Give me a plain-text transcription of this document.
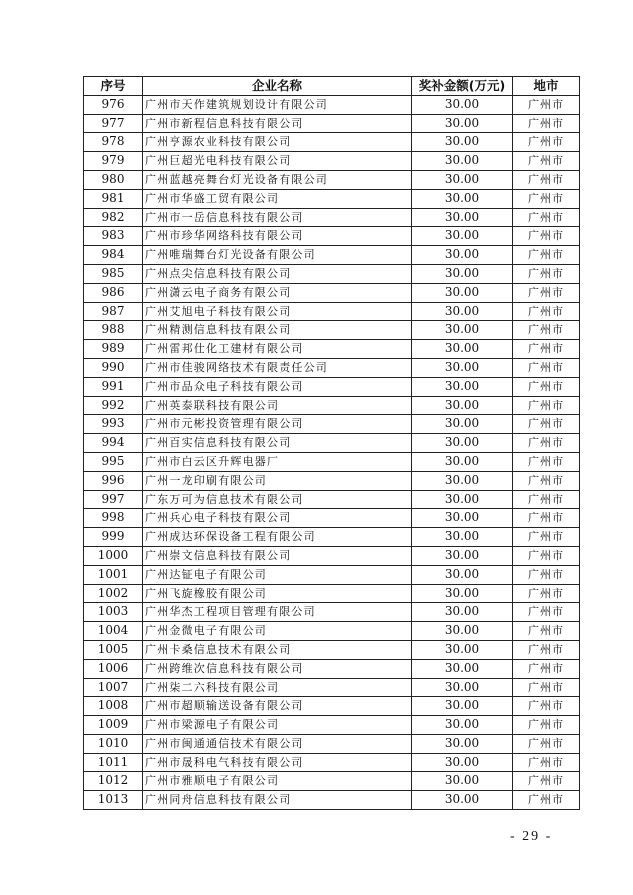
序号	企业名称	奖补金额(万元)	地市
976	广州市天作建筑规划设计有限公司	30.00	广州市
977	广州市新程信息科技有限公司	30.00	广州市
978	广州亨源农业科技有限公司	30.00	广州市
979	广州巨超光电科技有限公司	30.00	广州市
980	广州蓝越亮舞台灯光设备有限公司	30.00	广州市
981	广州市华盛工贸有限公司	30.00	广州市
982	广州市一岳信息科技有限公司	30.00	广州市
983	广州市珍华网络科技有限公司	30.00	广州市
984	广州唯瑞舞台灯光设备有限公司	30.00	广州市
985	广州点尖信息科技有限公司	30.00	广州市
986	广州潇云电子商务有限公司	30.00	广州市
987	广州艾旭电子科技有限公司	30.00	广州市
988	广州精测信息科技有限公司	30.00	广州市
989	广州雷邦仕化工建材有限公司	30.00	广州市
990	广州市佳骏网络技术有限责任公司	30.00	广州市
991	广州市品众电子科技有限公司	30.00	广州市
992	广州英泰联科技有限公司	30.00	广州市
993	广州市元彬投资管理有限公司	30.00	广州市
994	广州百实信息科技有限公司	30.00	广州市
995	广州市白云区升辉电器厂	30.00	广州市
996	广州一龙印刷有限公司	30.00	广州市
997	广东万可为信息技术有限公司	30.00	广州市
998	广州兵心电子科技有限公司	30.00	广州市
999	广州成达环保设备工程有限公司	30.00	广州市
1000	广州崇文信息科技有限公司	30.00	广州市
1001	广州达钲电子有限公司	30.00	广州市
1002	广州飞旋橡胶有限公司	30.00	广州市
1003	广州华杰工程项目管理有限公司	30.00	广州市
1004	广州金微电子有限公司	30.00	广州市
1005	广州卡桑信息技术有限公司	30.00	广州市
1006	广州跨维次信息科技有限公司	30.00	广州市
1007	广州柒二六科技有限公司	30.00	广州市
1008	广州市超顺输送设备有限公司	30.00	广州市
1009	广州市梁源电子有限公司	30.00	广州市
1010	广州市闽通通信技术有限公司	30.00	广州市
1011	广州市晟科电气科技有限公司	30.00	广州市
1012	广州市雅顺电子有限公司	30.00	广州市
1013	广州同舟信息科技有限公司	30.00	广州市
- 29 -
